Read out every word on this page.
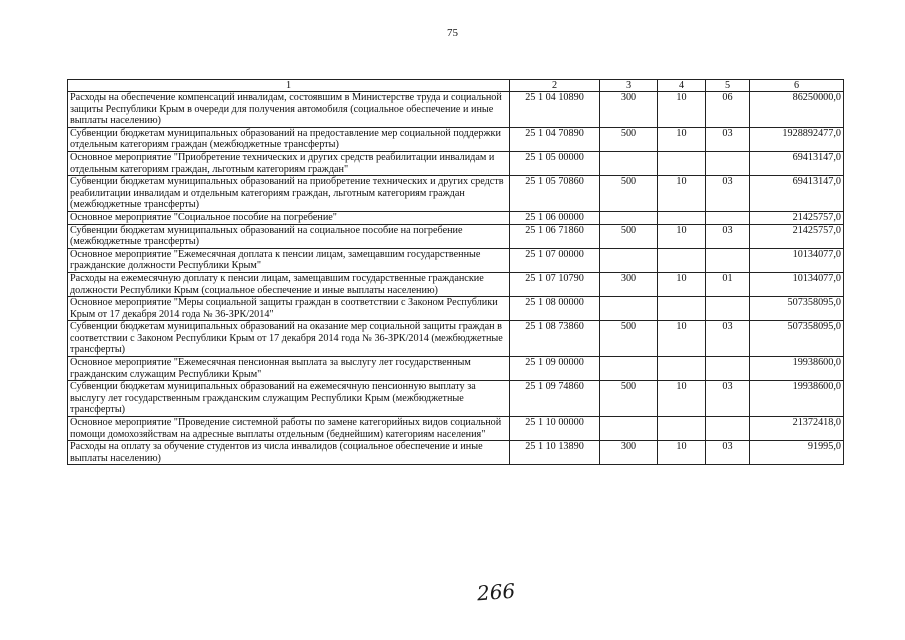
75
1	2	3	4	5	6
Расходы на обеспечение компенсаций инвалидам, состоявшим в Министерстве труда и социальной защиты Республики Крым в очереди для получения автомобиля (социальное обеспечение и иные выплаты населению)	25 1 04 10890	300	10	06	86250000,0
Субвенции бюджетам муниципальных образований на предоставление мер социальной поддержки отдельным категориям граждан (межбюджетные трансферты)	25 1 04 70890	500	10	03	1928892477,0
Основное мероприятие "Приобретение технических и других средств реабилитации инвалидам и отдельным категориям граждан, льготным категориям граждан"	25 1 05 00000				69413147,0
Субвенции бюджетам муниципальных образований на приобретение технических и других средств реабилитации инвалидам и отдельным категориям граждан, льготным категориям граждан (межбюджетные трансферты)	25 1 05 70860	500	10	03	69413147,0
Основное мероприятие "Социальное пособие на погребение"	25 1 06 00000				21425757,0
Субвенции бюджетам муниципальных образований на социальное пособие на погребение (межбюджетные трансферты)	25 1 06 71860	500	10	03	21425757,0
Основное мероприятие "Ежемесячная доплата к пенсии лицам, замещавшим государственные гражданские должности Республики Крым"	25 1 07 00000				10134077,0
Расходы на ежемесячную доплату к пенсии лицам, замещавшим государственные гражданские должности Республики Крым (социальное обеспечение и иные выплаты населению)	25 1 07 10790	300	10	01	10134077,0
Основное мероприятие "Меры социальной защиты граждан в соответствии с Законом Республики Крым от 17 декабря 2014 года № 36-ЗРК/2014"	25 1 08 00000				507358095,0
Субвенции бюджетам муниципальных образований на оказание мер социальной защиты граждан в соответствии с Законом Республики Крым от 17 декабря 2014 года № 36-ЗРК/2014 (межбюджетные трансферты)	25 1 08 73860	500	10	03	507358095,0
Основное мероприятие "Ежемесячная пенсионная выплата за выслугу лет государственным гражданским служащим Республики Крым"	25 1 09 00000				19938600,0
Субвенции бюджетам муниципальных образований на ежемесячную пенсионную выплату за выслугу лет государственным гражданским служащим Республики Крым (межбюджетные трансферты)	25 1 09 74860	500	10	03	19938600,0
Основное мероприятие "Проведение системной работы по замене категорийных видов социальной помощи домохозяйствам на адресные выплаты отдельным (беднейшим) категориям населения"	25 1 10 00000				21372418,0
Расходы на оплату за обучение студентов из числа инвалидов (социальное обеспечение и иные выплаты населению)	25 1 10 13890	300	10	03	91995,0
266
